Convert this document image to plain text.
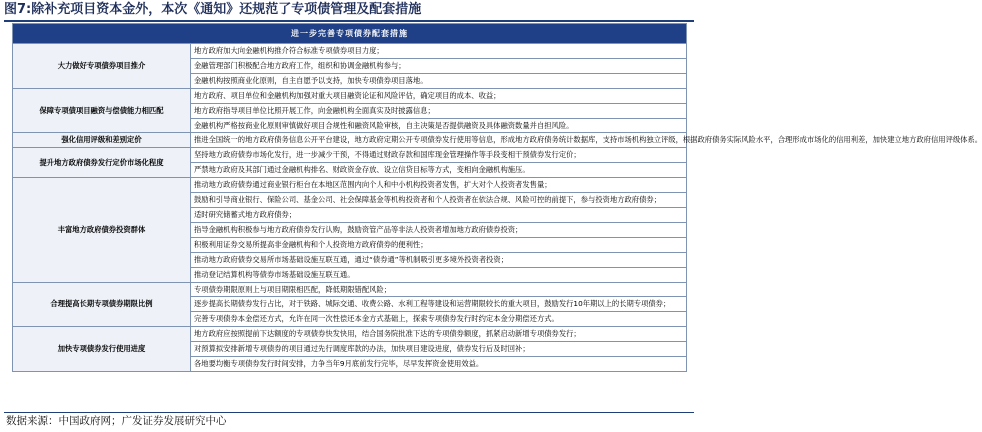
图7:除补充项目资本金外，本次《通知》还规范了专项债管理及配套措施
进一步完善专项债券配套措施	
大力做好专项债券项目推介	地方政府加大向金融机构推介符合标准专项债券项目力度；
	金融管理部门积极配合地方政府工作，组织和协调金融机构参与；
	金融机构按照商业化原则，自主自愿予以支持，加快专项债券项目落地。
保障专项债项目融资与偿债能力相匹配	地方政府、项目单位和金融机构加强对重大项目融资论证和风险评估，确定项目的成本、收益；
	地方政府指导项目单位比照开展工作，向金融机构全面真实及时披露信息；
	金融机构严格按商业化原则审慎做好项目合规性和融资风险审核，自主决策是否提供融资及具体融资数量并自担风险。
强化信用评级和差别定价	推进全国统一的地方政府债务信息公开平台建设，地方政府定期公开专项债券发行使用等信息，形成地方政府债务统计数据库，支持市场机构独立评级，根据政府债务实际风险水平，合理形成市场化的信用利差，加快建立地方政府信用评级体系。
提升地方政府债券发行定价市场化程度	坚持地方政府债券市场化发行，进一步减少干预，不得通过财政存款和国库现金管理操作等手段变相干预债券发行定价；
	严禁地方政府及其部门通过金融机构排名、财政资金存放、设立信贷目标等方式，变相向金融机构施压。
丰富地方政府债券投资群体	推动地方政府债券通过商业银行柜台在本地区范围内向个人和中小机构投资者发售，扩大对个人投资者发售量；
	鼓励和引导商业银行、保险公司、基金公司、社会保障基金等机构投资者和个人投资者在依法合规、风险可控的前提下，参与投资地方政府债券；
	适时研究储蓄式地方政府债券；
	指导金融机构积极参与地方政府债券发行认购，鼓励资管产品等非法人投资者增加地方政府债券投资；
	积极利用证券交易所提高非金融机构和个人投资地方政府债券的便利性；
	推动地方政府债券交易所市场基础设施互联互通，通过“债券通”等机制吸引更多境外投资者投资；
	推动登记结算机构等债券市场基础设施互联互通。
合理提高长期专项债券期限比例	专项债券期限原则上与项目期限相匹配，降低期限错配风险；
	逐步提高长期债券发行占比，对于铁路、城际交通、收费公路、水利工程等建设和运营期限较长的重大项目，鼓励发行10年期以上的长期专项债券；
	完善专项债券本金偿还方式，允许在同一次性偿还本金方式基础上，探索专项债券发行时约定本金分期偿还方式。
加快专项债券发行使用进度	地方政府应按照提前下达额度的专项债券快发快用，结合国务院批准下达的专项债券额度，抓紧启动新增专项债券发行；
	对预算拟安排新增专项债券的项目通过先行调度库款的办法，加快项目建设进度，债券发行后及时回补；
	各地要均衡专项债券发行时间安排，力争当年9月底前发行完毕，尽早发挥资金使用效益。
数据来源：中国政府网；广发证券发展研究中心
